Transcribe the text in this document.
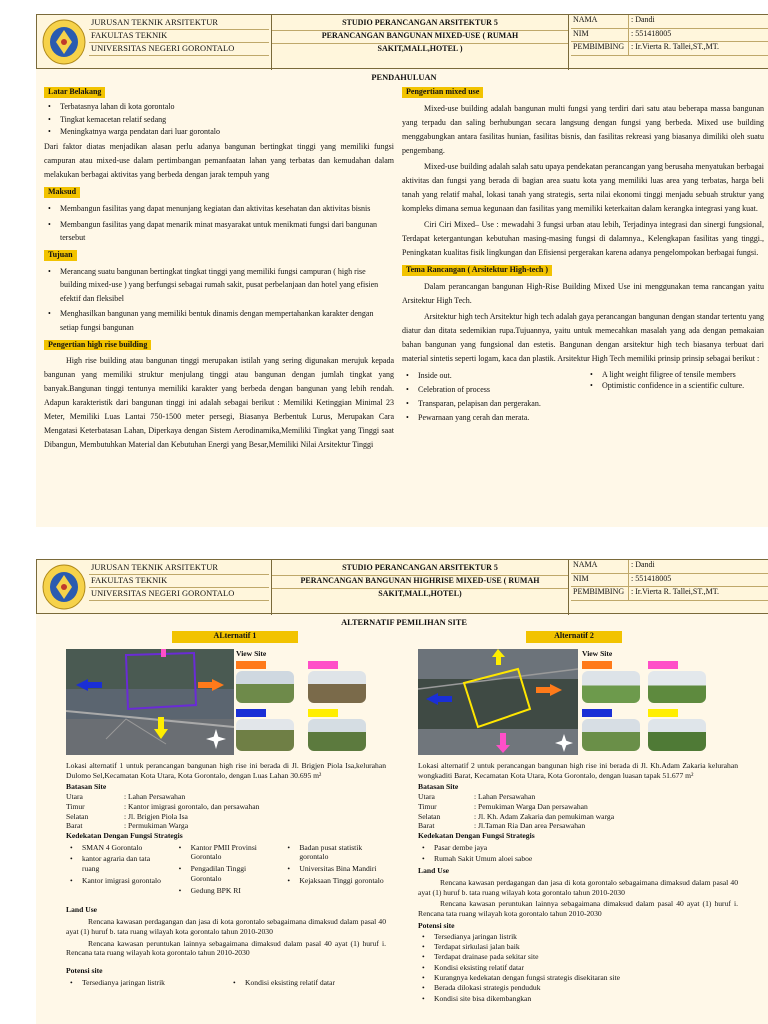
JURUSAN TEKNIK ARSITEKTUR
FAKULTAS TEKNIK
UNIVERSITAS NEGERI GORONTALO
STUDIO PERANCANGAN ARSITEKTUR 5
PERANCANGAN BANGUNAN MIXED-USE ( RUMAH
SAKIT,MALL,HOTEL )
NAMA	: Dandi
NIM	: 551418005
PEMBIMBING : Ir.Vierta R. Tallei,ST.,MT.
PENDAHULUAN
Latar Belakang
• Terbatasnya lahan di kota gorontalo
• Tingkat kemacetan relatif sedang
• Meningkatnya warga pendatan dari luar gorontalo

Dari faktor diatas menjadikan alasan perlu adanya bangunan bertingkat tinggi yang memiliki fungsi campuran atau mixed-use dalam pertimbangan pemanfaatan lahan yang terbatas dan kemudahan dalam melakukan berbagai aktivitas yang berbeda dengan jarak tempuh yang

Maksud
• Membangun fasilitas yang dapat menunjang kegiatan dan aktivitas kesehatan dan aktivitas bisnis
• Membangun fasilitas yang dapat menarik minat masyarakat untuk menikmati fungsi dari bangunan tersebut
Tujuan
• Merancang suatu bangunan bertingkat tingkat tinggi yang memiliki fungsi campuran ( high rise building mixed-use ) yang berfungsi sebagai rumah sakit, pusat perbelanjaan dan hotel yang efisien efektif dan fleksibel
• Menghasilkan bangunan yang memiliki bentuk dinamis dengan mempertahankan karakter dengan setiap fungsi bangunan
Pengertian high rise building

High rise building atau bangunan tinggi merupakan istilah yang sering digunakan merujuk kepada bangunan yang memiliki struktur menjulang tinggi atau bangunan dengan jumlah tingkat yang banyak.Bangunan tinggi tentunya memiliki karakter yang berbeda dengan bangunan yang lebih rendah. Adapun karakteristik dari bangunan tinggi ini adalah sebagai berikut : Memiliki Ketinggian Minimal 23 Meter, Memiliki Luas Lantai 750-1500 meter persegi, Biasanya Berbentuk Lurus, Merupakan Cara Mengatasi Keterbatasan Lahan, Diperkaya dengan Sistem Aerodinamika,Memiliki Tingkat yang Tinggi saat Dibangun, Membutuhkan Material dan Kebutuhan Energi yang Besar,Memiliki Nilai Arsitektur Tinggi

Pengertian mixed use

Mixed-use building adalah bangunan multi fungsi yang terdiri dari satu atau beberapa massa bangunan yang terpadu dan saling berhubungan secara langsung dengan fungsi yang berbeda. Mixed use building menggabungkan antara fasilitas hunian, fasilitas bisnis, dan fasilitas rekreasi yang biasanya dimiliki oleh suatu pengembang.

Mixed-use building adalah salah satu upaya pendekatan perancangan yang berusaha menyatukan berbagai aktivitas dan fungsi yang berada di bagian area suatu kota yang memiliki luas area yang terbatas, harga beli tanah yang relatif mahal, lokasi tanah yang strategis, serta nilai ekonomi tinggi menjadu sebuah struktur yang kompleks dimana semua kegunaan dan fasilitas yang memiliki keterkaitan dalam kerangka integrasi yang kuat.

Ciri Ciri Mixed– Use : mewadahi 3 fungsi urban atau lebih, Terjadinya integrasi dan sinergi fungsional, Terdapat ketergantungan kebutuhan masing-masing fungsi di dalamnya., Kelengkapan fasilitas yang tinggi., Peningkatan kualitas fisik lingkungan dan Efisiensi pergerakan karena adanya pengelompokan berbagai fungsi.

Tema Rancangan ( Arsitektur High-tech )

Dalam perancangan bangunan High-Rise Building Mixed Use ini menggunakan tema rancangan yaitu Arsitektur High Tech.

Arsitektur high tech Arsitektur high tech adalah gaya perancangan bangunan dengan standar tertentu yang diatur dan ditata sedemikian rupa.Tujuannya, yaitu untuk memecahkan masalah yang ada dengan pemakaian bahan bangunan yang fungsional dan estetis. Bangunan dengan arsitektur high tech biasanya terbuat dari material sintetis seperti logam, kaca dan plastik. Arsitektur High Tech memiliki prinsip prinsip sebagai berikut :

• Inside out.
• Celebration of process
• Transparan, pelapisan dan pergerakan.
• Pewarnaan yang cerah dan merata.
• A light weight filigree of tensile members
• Optimistic confidence in a scientific culture.
JURUSAN TEKNIK ARSITEKTUR
FAKULTAS TEKNIK
UNIVERSITAS NEGERI GORONTALO
STUDIO PERANCANGAN ARSITEKTUR 5
PERANCANGAN BANGUNAN HIGHRISE MIXED-USE ( RUMAH
SAKIT,MALL,HOTEL)
NAMA	: Dandi
NIM	: 551418005
PEMBIMBING : Ir.Vierta R. Tallei,ST.,MT.
ALTERNATIF PEMILIHAN SITE
ALternatif 1
View Site

Lokasi alternatif 1 untuk perancangan bangunan high rise ini berada di Jl. Brigjen Piola Isa,kelurahan Dulomo Sel,Kecamatan Kota Utara, Kota Gorontalo, dengan Luas Lahan 30.695 m²

Batasan Site
Utara	: Lahan Persawahan
Timur	: Kantor imigrasi gorontalo, dan persawahan
Selatan	: Jl. Brigjen Piola Isa
Barat	: Permukiman Warga
Kedekatan Dengan Fungsi Strategis
• SMAN 4 Gorontalo
• kantor agraria dan tata ruang
• Kantor imigrasi gorontalo
• Kantor PMII Provinsi Gorontalo
• Pengadilan Tinggi Gorontalo
• Gedung BPK RI
• Badan pusat statistik gorontalo
• Universitas Bina Mandiri
• Kejaksaan Tinggi gorontalo
Land Use

Rencana kawasan perdagangan dan jasa di kota gorontalo sebagaimana dimaksud dalam pasal 40 ayat (1) huruf b. tata ruang wilayah kota gorontalo tahun 2010-2030

Rencana kawasan peruntukan lainnya sebagaimana dimaksud dalam pasal 40 ayat (1) huruf i. Rencana tata ruang wilayah kota gorontalo tahun 2010-2030

Potensi site
• Tersedianya jaringan listrik	• Kondisi eksisting relatif datar
Alternatif 2
View Site

Lokasi alternatif 2 untuk perancangan bangunan high rise ini berada di Jl. Kh.Adam Zakaria kelurahan wongkaditi Barat, Kecamatan Kota Utara, Kota Gorontalo, dengan luasan tapak 51.677 m²

Batasan Site
Utara	: Lahan Persawahan
Timur	: Pemukiman Warga Dan persawahan
Selatan	: Jl. Kh. Adam Zakaria dan pemukiman warga
Barat	: Jl.Taman Ria Dan area Persawahan
Kedekatan Dengan Fungsi Strategis
• Pasar dembe jaya
• Rumah Sakit Umum aloei saboe
Land Use

Rencana kawasan perdagangan dan jasa di kota gorontalo sebagaimana dimaksud dalam pasal 40 ayat (1) huruf b. tata ruang wilayah kota gorontalo tahun 2010-2030

Rencana kawasan peruntukan lainnya sebagaimana dimaksud dalam pasal 40 ayat (1) huruf i. Rencana tata ruang wilayah kota gorontalo tahun 2010-2030

Potensi site
• Tersedianya jaringan listrik
• Terdapat sirkulasi jalan baik
• Terdapat drainase pada sekitar site
• Kondisi eksisting relatif datar
• Kurangnya kedekatan dengan fungsi strategis disekitaran site
• Berada dilokasi strategis penduduk
• Kondisi site bisa dikembangkan
